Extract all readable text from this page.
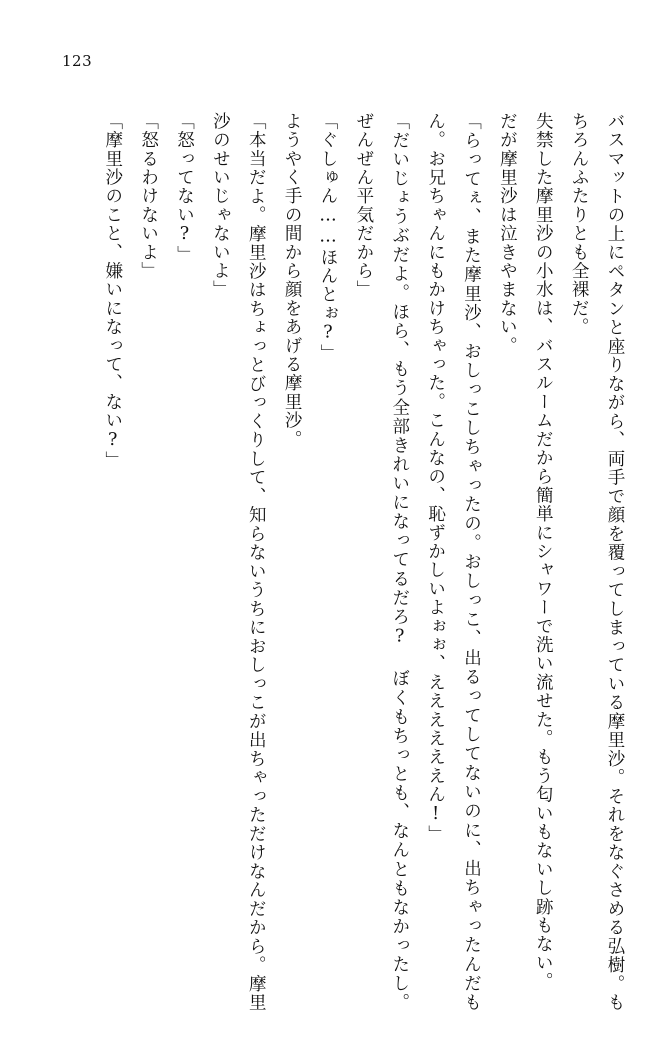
123

バスマットの上にペタンと座りながら、両手で顔を覆ってしまっている摩里沙。それをなぐさめる弘樹。もちろんふたりとも全裸だ。

失禁した摩里沙の小水は、バスルームだから簡単にシャワーで洗い流せた。もう匂いもないし跡もない。

だが摩里沙は泣きやまない。

「らってぇ、また摩里沙、おしっこしちゃったの。おしっこ、出るってしてないのに、出ちゃったんだもん。お兄ちゃんにもかけちゃった。こんなの、恥ずかしいよぉぉ、ええええええん!」

「だいじょうぶだよ。ほら、もう全部きれいになってるだろ? ぼくもちっとも、なんともなかったし。ぜんぜん平気だから」

「ぐしゅん……ほんとぉ?」

ようやく手の間から顔をあげる摩里沙。

「本当だよ。摩里沙はちょっとびっくりして、知らないうちにおしっこが出ちゃっただけなんだから。摩里沙のせいじゃないよ」

「怒ってない?」

「怒るわけないよ」

「摩里沙のこと、嫌いになって、ない?」
